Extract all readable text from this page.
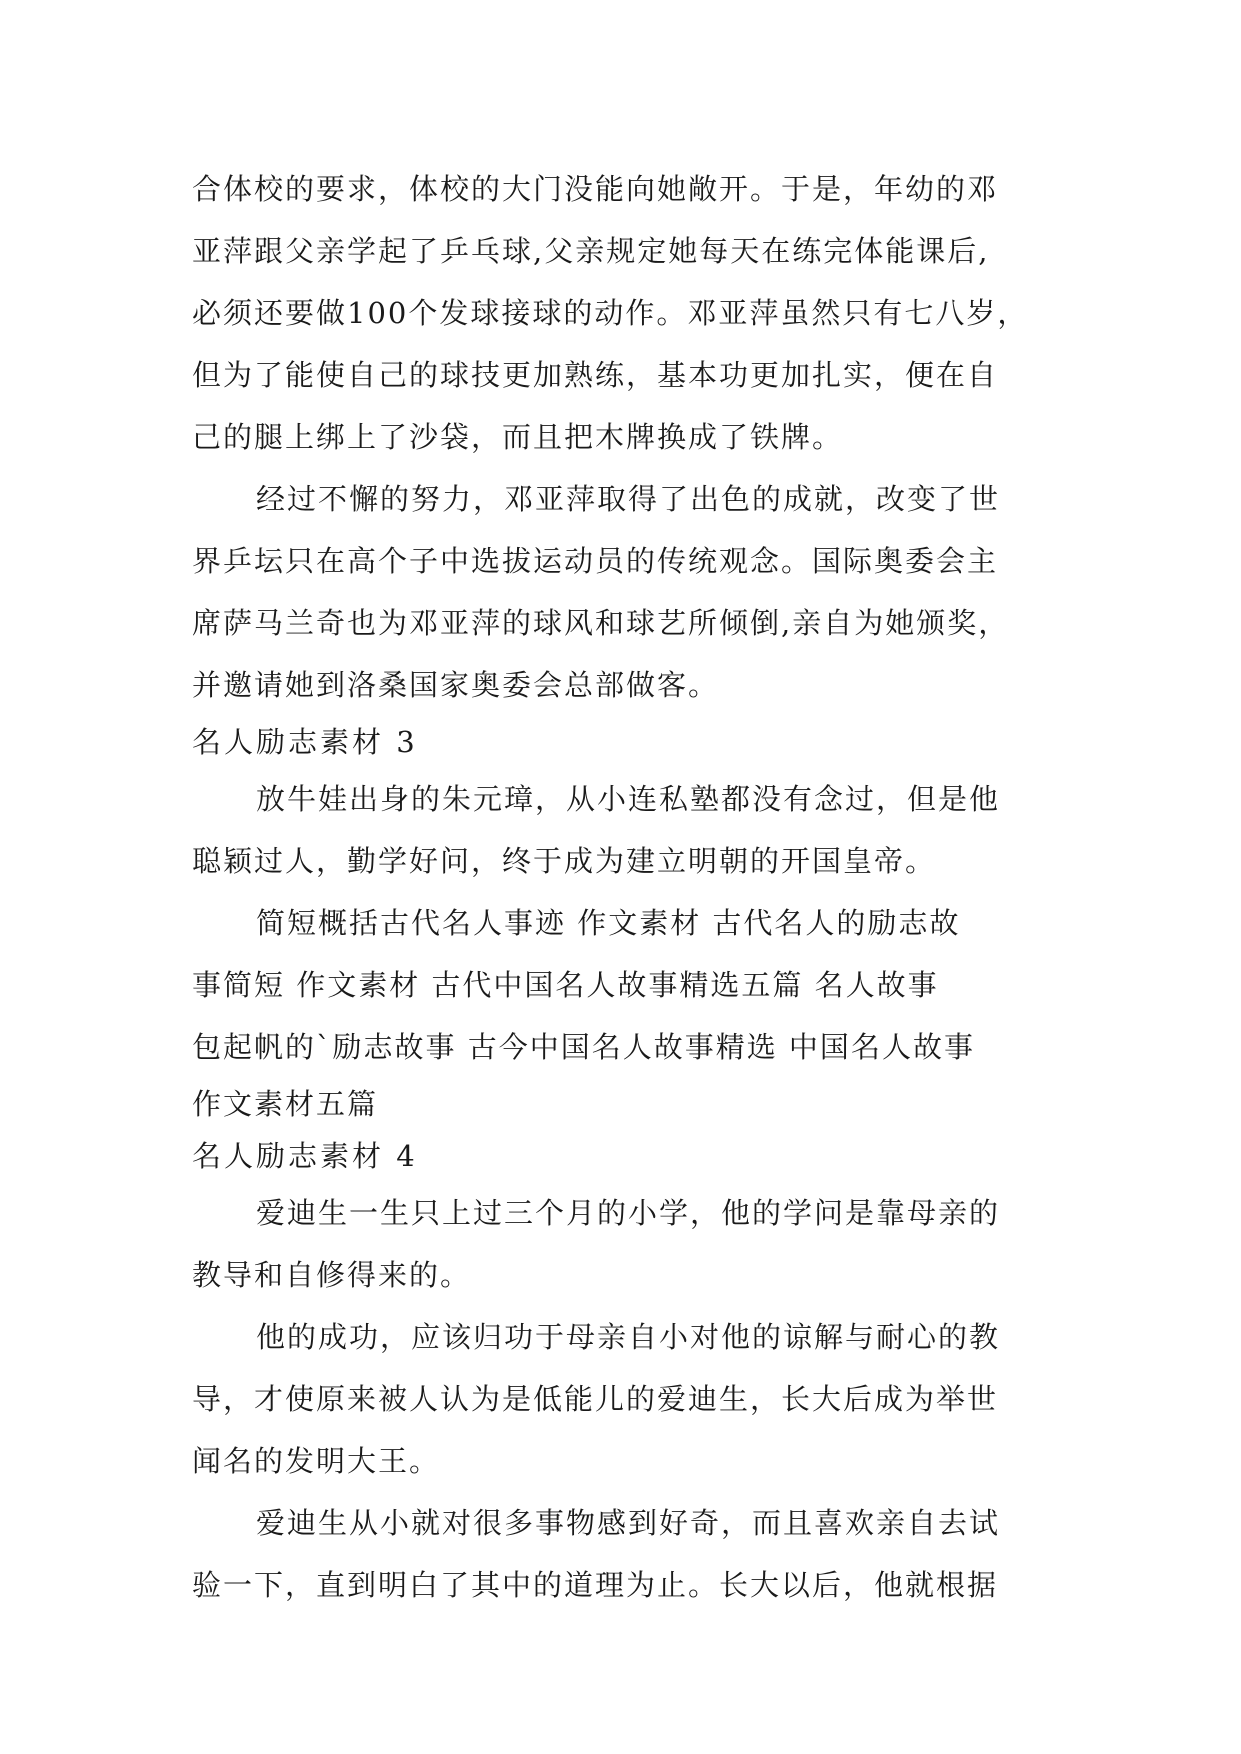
合体校的要求，体校的大门没能向她敞开。于是，年幼的邓
亚萍跟父亲学起了乒乓球,父亲规定她每天在练完体能课后,
必须还要做100个发球接球的动作。邓亚萍虽然只有七八岁，
但为了能使自己的球技更加熟练，基本功更加扎实，便在自
己的腿上绑上了沙袋，而且把木牌换成了铁牌。
经过不懈的努力，邓亚萍取得了出色的成就，改变了世
界乒坛只在高个子中选拔运动员的传统观念。国际奥委会主
席萨马兰奇也为邓亚萍的球风和球艺所倾倒,亲自为她颁奖，
并邀请她到洛桑国家奥委会总部做客。
名人励志素材 3
放牛娃出身的朱元璋，从小连私塾都没有念过，但是他
聪颖过人，勤学好问，终于成为建立明朝的开国皇帝。
简短概括古代名人事迹 作文素材 古代名人的励志故
事简短 作文素材 古代中国名人故事精选五篇 名人故事
包起帆的`励志故事 古今中国名人故事精选 中国名人故事
作文素材五篇
名人励志素材 4
爱迪生一生只上过三个月的小学，他的学问是靠母亲的
教导和自修得来的。
他的成功，应该归功于母亲自小对他的谅解与耐心的教
导，才使原来被人认为是低能儿的爱迪生，长大后成为举世
闻名的发明大王。
爱迪生从小就对很多事物感到好奇，而且喜欢亲自去试
验一下，直到明白了其中的道理为止。长大以后，他就根据
